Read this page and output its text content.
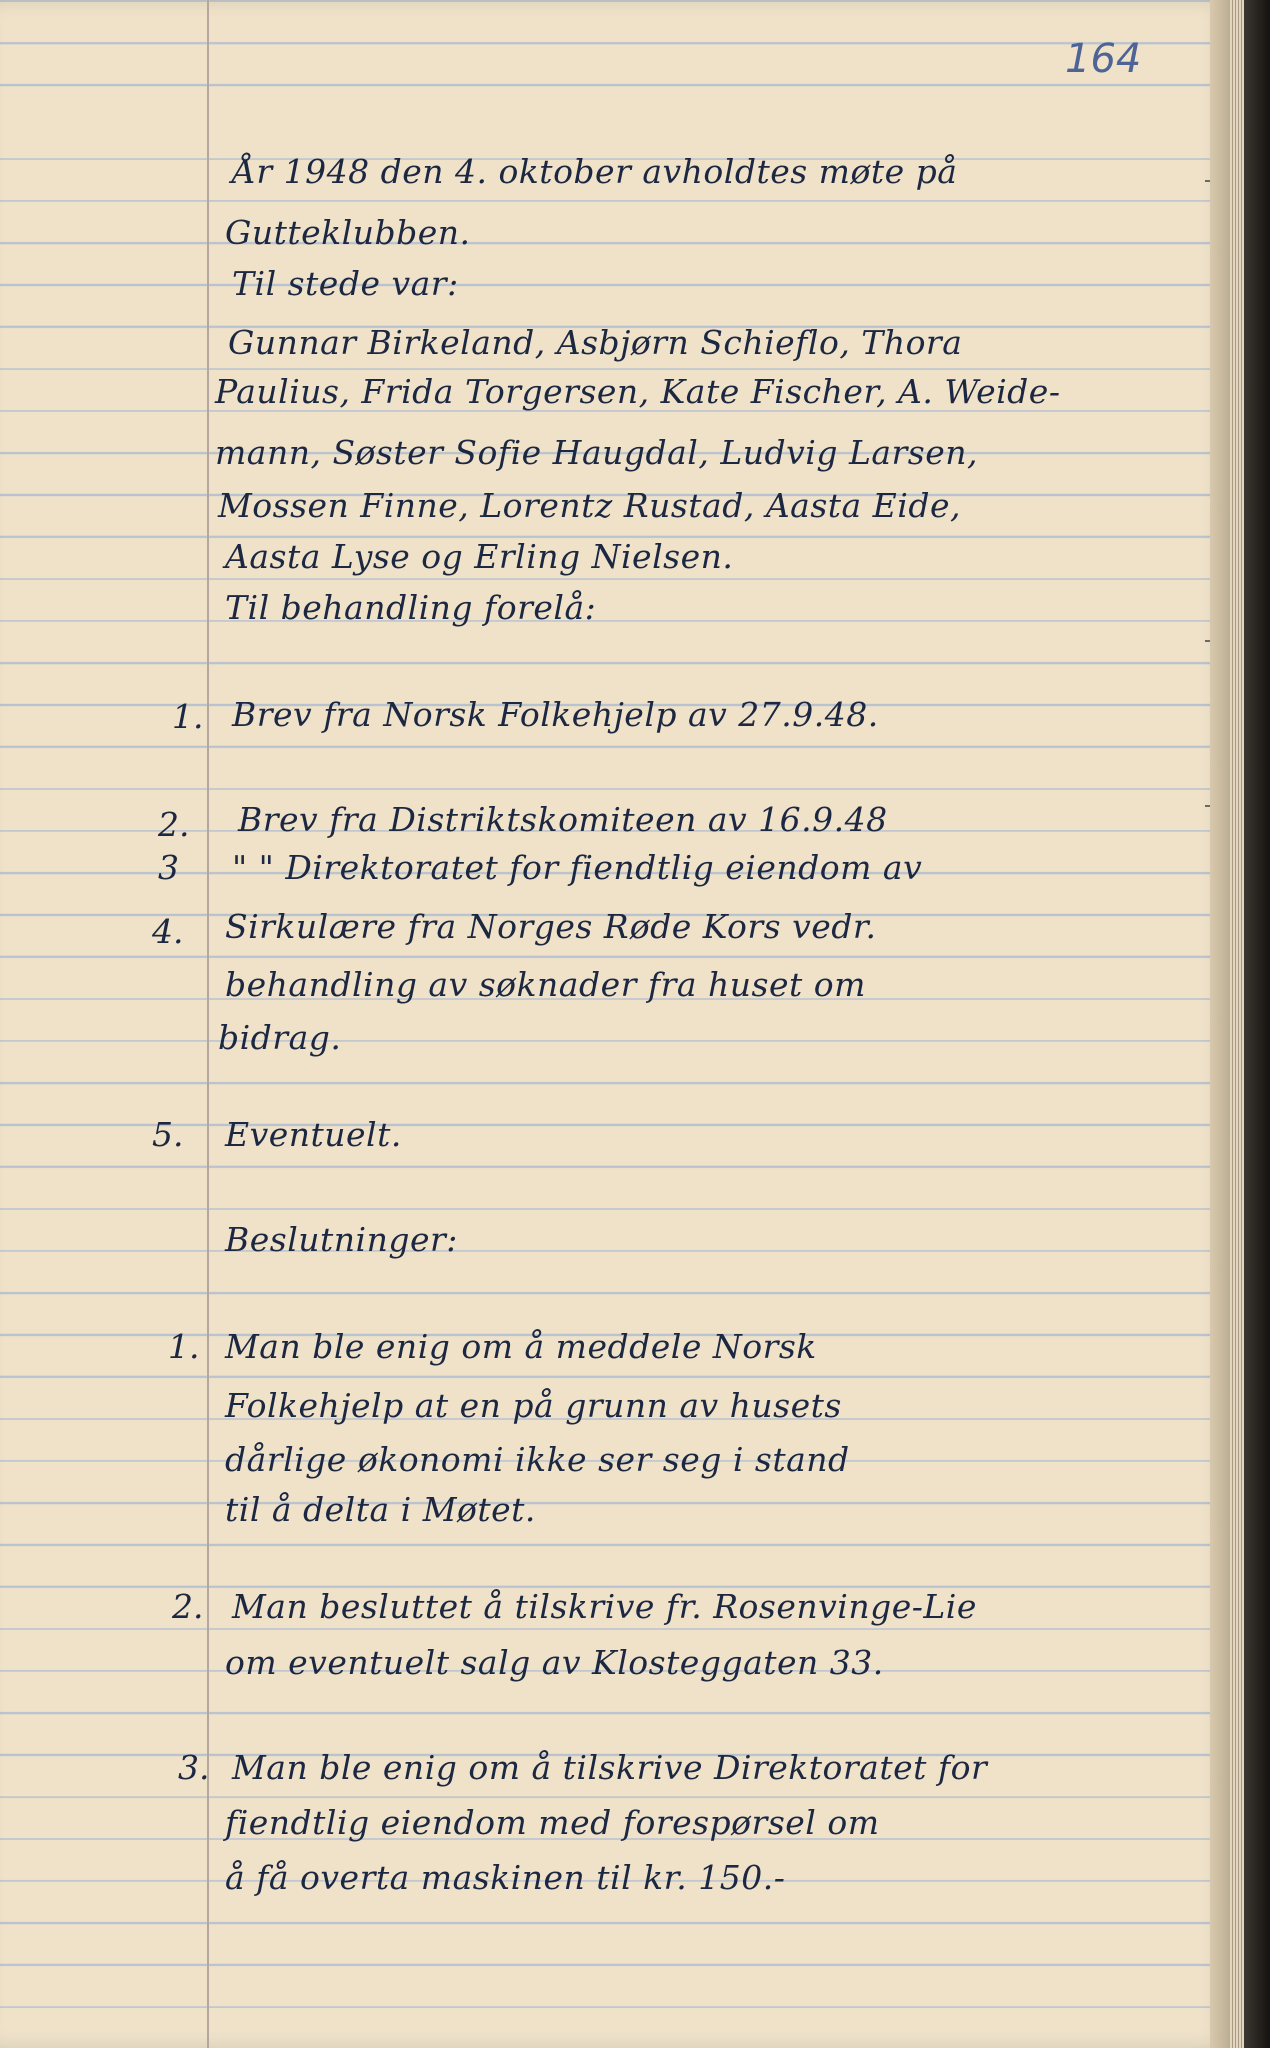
164
År 1948 den 4. oktober avholdtes møte på
Gutteklubben.
Til stede var:
Gunnar Birkeland, Asbjørn Schieflo, Thora
Paulius, Frida Torgersen, Kate Fischer, A. Weide-
mann, Søster Sofie Haugdal, Ludvig Larsen,
Mossen Finne, Lorentz Rustad, Aasta Eide,
Aasta Lyse og Erling Nielsen.
Til behandling forelå:
1. Brev fra Norsk Folkehjelp av 27.9.48.
2. Brev fra Distriktskomiteen av 16.9.48
3 " " Direktoratet for fiendtlig eiendom av
4. Sirkulære fra Norges Røde Kors vedr.
behandling av søknader fra huset om
bidrag.
5. Eventuelt.
Beslutninger:
1. Man ble enig om å meddele Norsk
Folkehjelp at en på grunn av husets
dårlige økonomi ikke ser seg i stand
til å delta i Møtet.
2. Man besluttet å tilskrive fr. Rosenvinge-Lie
om eventuelt salg av Klosteggaten 33.
3. Man ble enig om å tilskrive Direktoratet for
fiendtlig eiendom med forespørsel om
å få overta maskinen til kr. 150.-
